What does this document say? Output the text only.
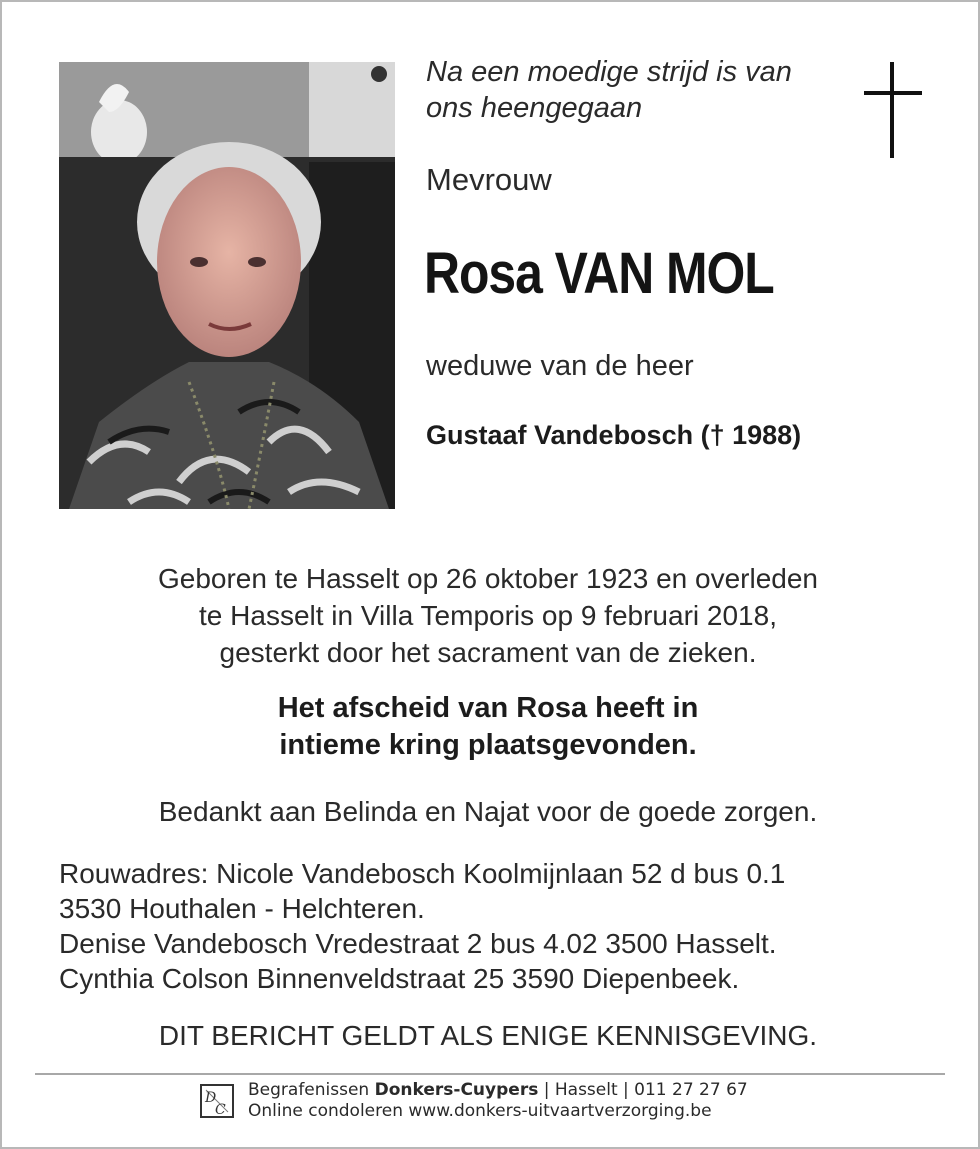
Na een moedige strijd is van
ons heengegaan
Mevrouw
Rosa VAN MOL
weduwe van de heer
Gustaaf Vandebosch († 1988)
Geboren te Hasselt op 26 oktober 1923 en overleden
te Hasselt in Villa Temporis op 9 februari 2018,
gesterkt door het sacrament van de zieken.
Het afscheid van Rosa heeft in
intieme kring plaatsgevonden.
Bedankt aan Belinda en Najat voor de goede zorgen.
Rouwadres: Nicole Vandebosch Koolmijnlaan 52 d bus 0.1
3530 Houthalen - Helchteren.
Denise Vandebosch Vredestraat 2 bus 4.02 3500 Hasselt.
Cynthia Colson Binnenveldstraat 25 3590 Diepenbeek.
DIT BERICHT GELDT ALS ENIGE KENNISGEVING.
D
C
Begrafenissen Donkers-Cuypers | Hasselt | 011 27 27 67
Online condoleren www.donkers-uitvaartverzorging.be
